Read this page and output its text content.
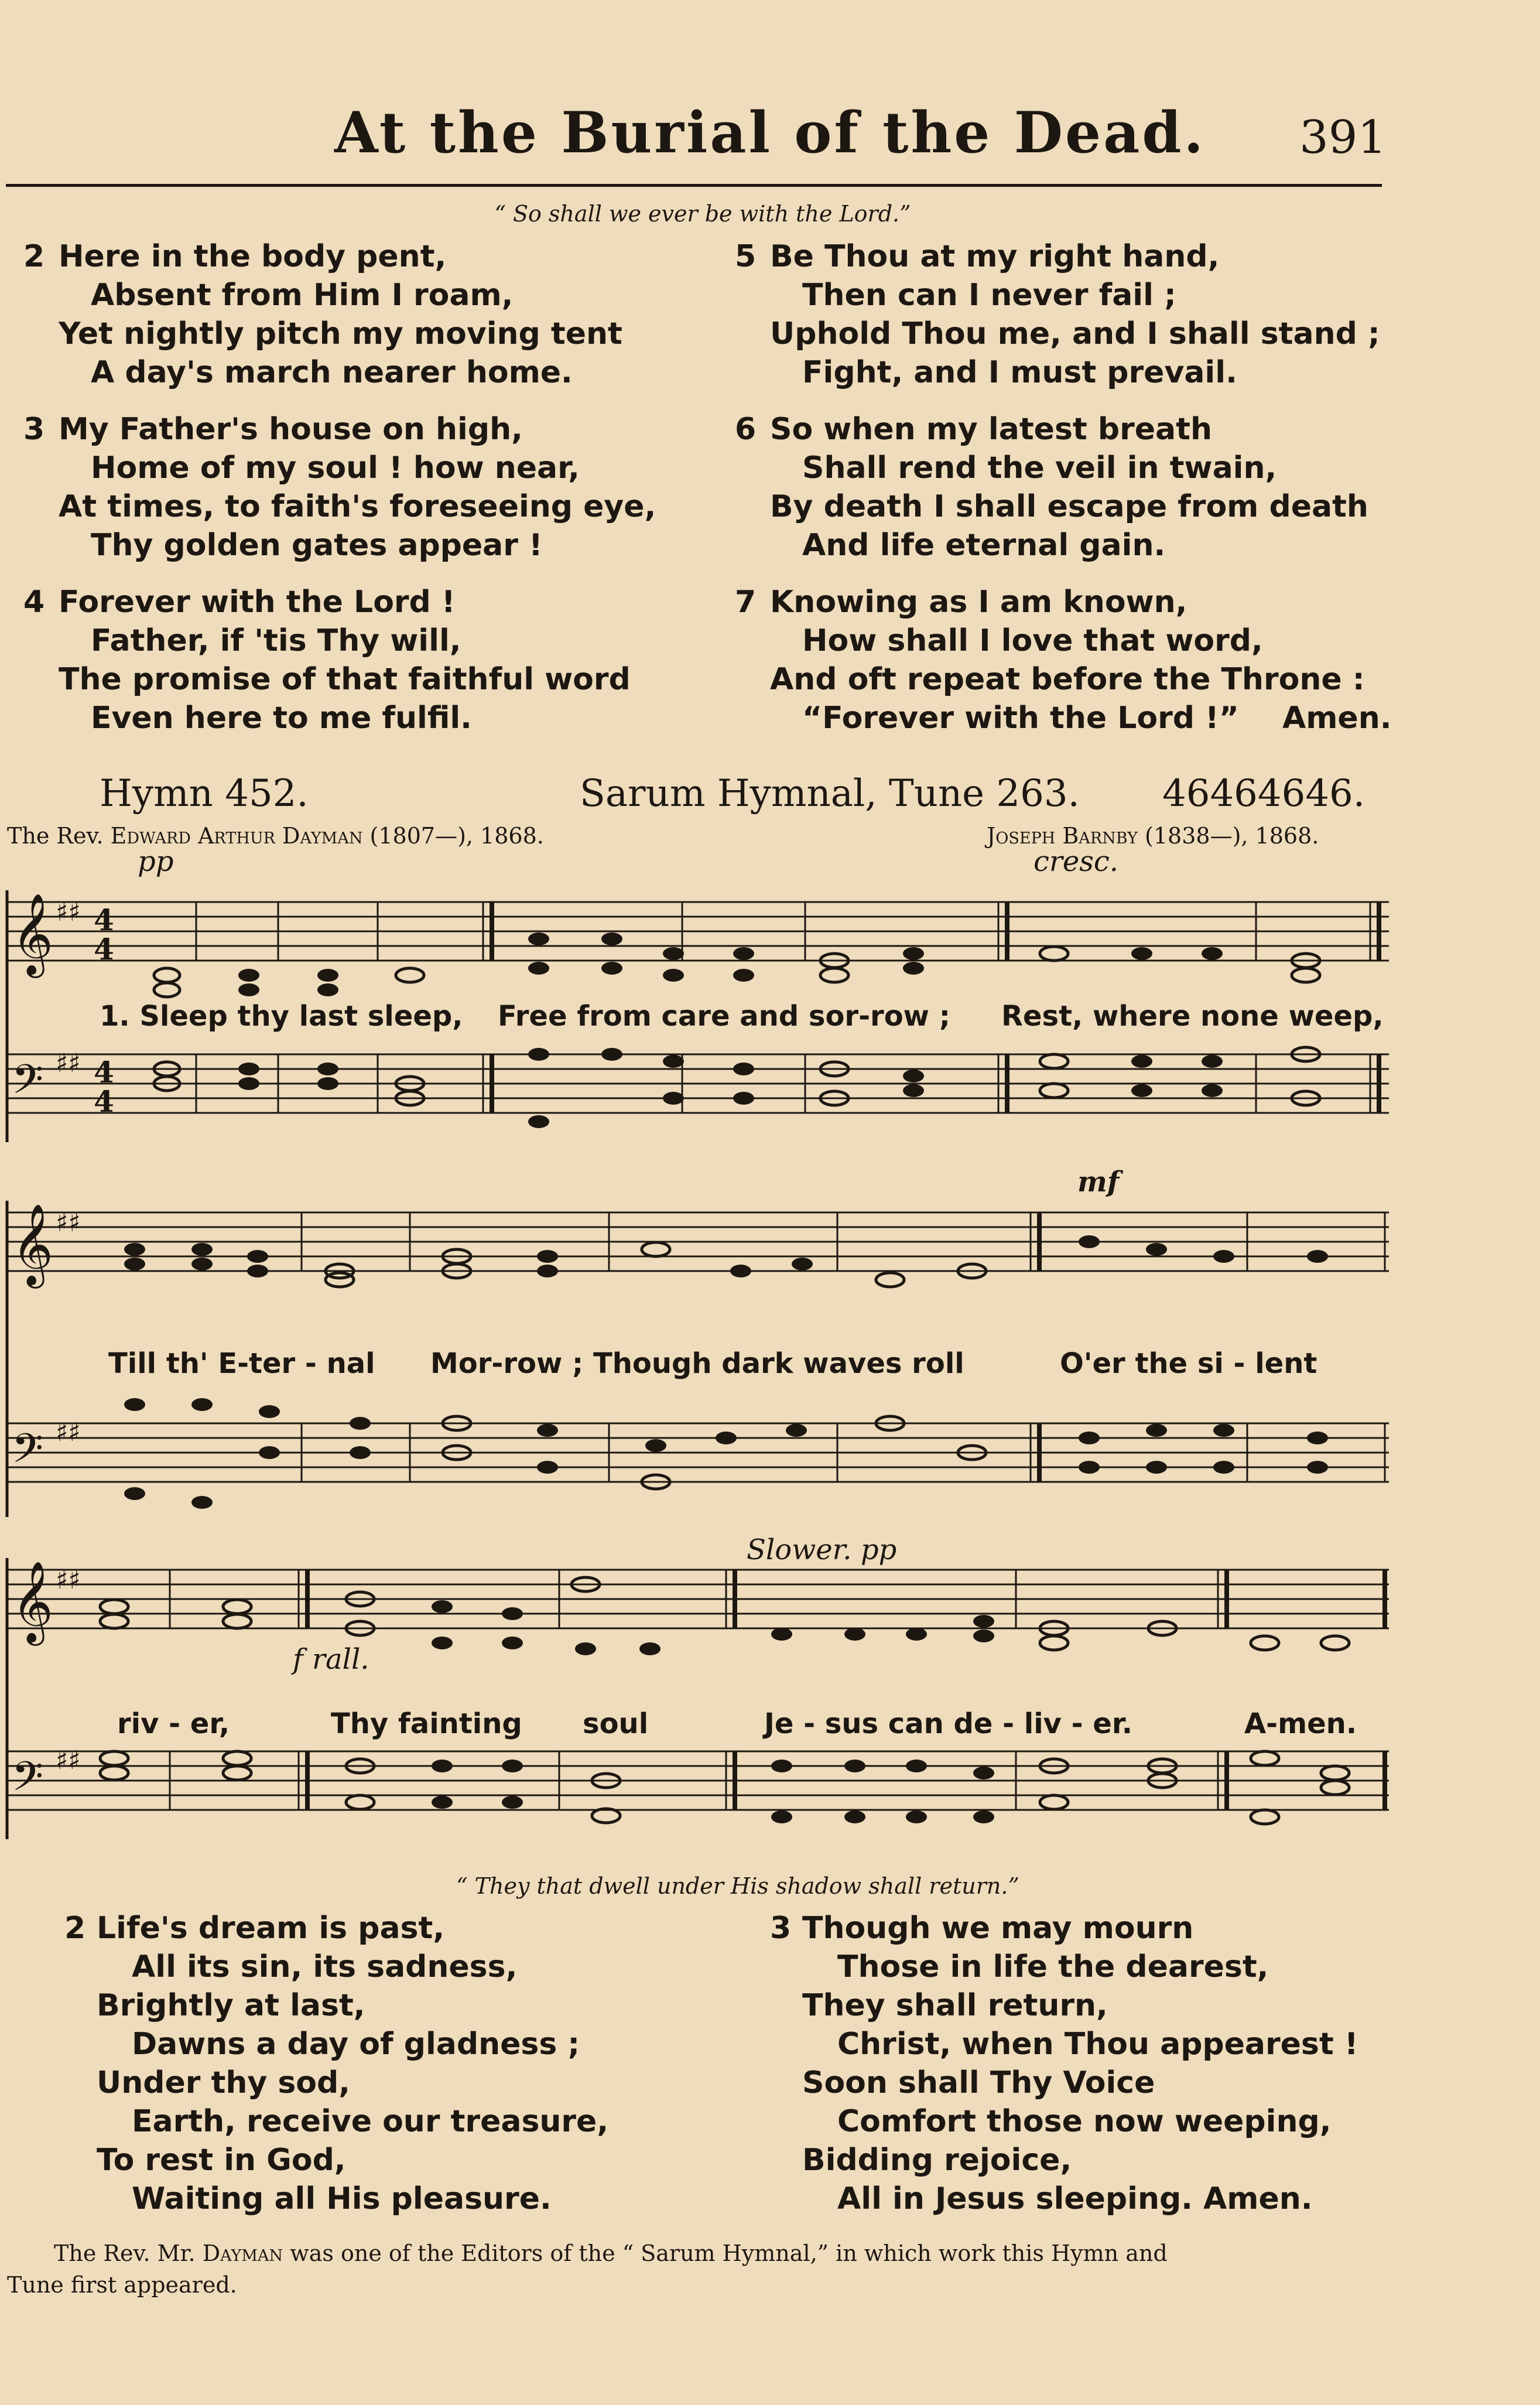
At the Burial of the Dead.	391
“ So shall we ever be with the Lord.”
2 Here in the body pent,
Absent from Him I roam,
Yet nightly pitch my moving tent
A day's march nearer home.
3 My Father's house on high,
Home of my soul ! how near,
At times, to faith's foreseeing eye,
Thy golden gates appear !
4 Forever with the Lord !
Father, if 'tis Thy will,
The promise of that faithful word
Even here to me fulfil.
5 Be Thou at my right hand,
Then can I never fail ;
Uphold Thou me, and I shall stand ;
Fight, and I must prevail.
6 So when my latest breath
Shall rend the veil in twain,
By death I shall escape from death
And life eternal gain.
7 Knowing as I am known,
How shall I love that word,
And oft repeat before the Throne :
“Forever with the Lord !” Amen.
Hymn 452.	Sarum Hymnal, Tune 263. 46464646.
The Rev. Edward Arthur Dayman (1807—), 1868.	Joseph Barnby (1838—), 1868.
𝄞
𝄢
♯♯
♯♯
4
4
4
4
pp	cresc.
1. Sleep thy last sleep, Free from care and sor-row ; Rest, where none weep,
𝄞
𝄢
♯♯
♯♯
mf
Till th' E-ter - nal Mor-row ; Though dark waves roll	O'er the si - lent
𝄞
𝄢
♯♯
♯♯
f rall.
Slower. pp
riv - er,	Thy fainting soul	Je - sus can de - liv - er.	A-men.
“ They that dwell under His shadow shall return.”
2 Life's dream is past,
All its sin, its sadness,
Brightly at last,
Dawns a day of gladness ;
Under thy sod,
Earth, receive our treasure,
To rest in God,
Waiting all His pleasure.
3 Though we may mourn
Those in life the dearest,
They shall return,
Christ, when Thou appearest !
Soon shall Thy Voice
Comfort those now weeping,
Bidding rejoice,
All in Jesus sleeping. Amen.
The Rev. Mr. Dayman was one of the Editors of the “ Sarum Hymnal,” in which work this Hymn and
Tune first appeared.
